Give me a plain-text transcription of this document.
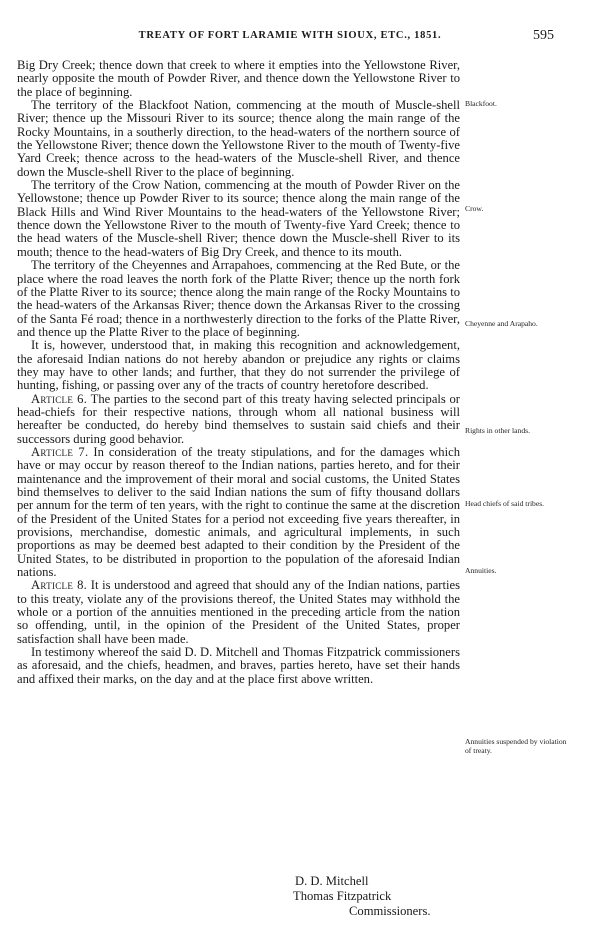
TREATY OF FORT LARAMIE WITH SIOUX, ETC., 1851.	595

Big Dry Creek; thence down that creek to where it empties into the Yellowstone River, nearly opposite the mouth of Powder River, and thence down the Yellowstone River to the place of beginning.

The territory of the Blackfoot Nation, commencing at the mouth of Muscle-shell River; thence up the Missouri River to its source; thence along the main range of the Rocky Mountains, in a southerly direction, to the head-waters of the northern source of the Yellowstone River; thence down the Yellowstone River to the mouth of Twenty-five Yard Creek; thence across to the head-waters of the Muscle-shell River, and thence down the Muscle-shell River to the place of beginning.

The territory of the Crow Nation, commencing at the mouth of Powder River on the Yellowstone; thence up Powder River to its source; thence along the main range of the Black Hills and Wind River Mountains to the head-waters of the Yellowstone River; thence down the Yellowstone River to the mouth of Twenty-five Yard Creek; thence to the head waters of the Muscle-shell River; thence down the Muscle-shell River to its mouth; thence to the head-waters of Big Dry Creek, and thence to its mouth.

The territory of the Cheyennes and Arrapahoes, commencing at the Red Bute, or the place where the road leaves the north fork of the Platte River; thence up the north fork of the Platte River to its source; thence along the main range of the Rocky Mountains to the head-waters of the Arkansas River; thence down the Arkansas River to the crossing of the Santa Fé road; thence in a northwesterly direction to the forks of the Platte River, and thence up the Platte River to the place of beginning.

It is, however, understood that, in making this recognition and acknowledgement, the aforesaid Indian nations do not hereby abandon or prejudice any rights or claims they may have to other lands; and further, that they do not surrender the privilege of hunting, fishing, or passing over any of the tracts of country heretofore described.

Article 6. The parties to the second part of this treaty having selected principals or head-chiefs for their respective nations, through whom all national business will hereafter be conducted, do hereby bind themselves to sustain said chiefs and their successors during good behavior.

Article 7. In consideration of the treaty stipulations, and for the damages which have or may occur by reason thereof to the Indian nations, parties hereto, and for their maintenance and the improvement of their moral and social customs, the United States bind themselves to deliver to the said Indian nations the sum of fifty thousand dollars per annum for the term of ten years, with the right to continue the same at the discretion of the President of the United States for a period not exceeding five years thereafter, in provisions, merchandise, domestic animals, and agricultural implements, in such proportions as may be deemed best adapted to their condition by the President of the United States, to be distributed in proportion to the population of the aforesaid Indian nations.

Article 8. It is understood and agreed that should any of the Indian nations, parties to this treaty, violate any of the provisions thereof, the United States may withhold the whole or a portion of the annuities mentioned in the preceding article from the nation so offending, until, in the opinion of the President of the United States, proper satisfaction shall have been made.

In testimony whereof the said D. D. Mitchell and Thomas Fitzpatrick commissioners as aforesaid, and the chiefs, headmen, and braves, parties hereto, have set their hands and affixed their marks, on the day and at the place first above written.

Blackfoot.
Crow.
Cheyenne and Arapaho.
Rights in other lands.
Head chiefs of said tribes.
Annuities.
Annuities suspended by violation of treaty.
D. D. Mitchell
Thomas Fitzpatrick
Commissioners.
